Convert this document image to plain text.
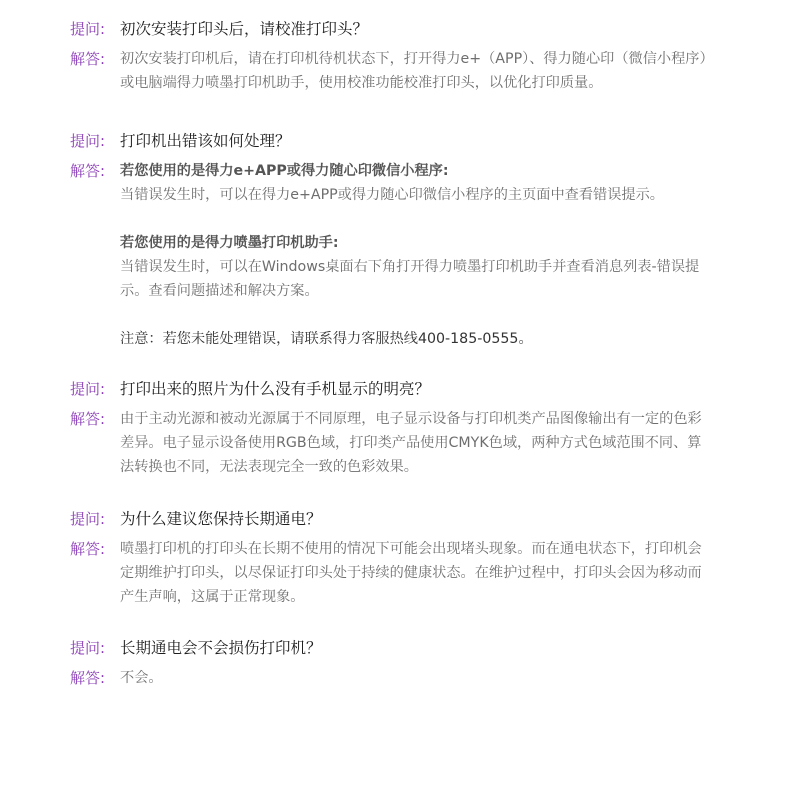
提问: 初次安装打印头后，请校准打印头？
解答:	初次安装打印机后，请在打印机待机状态下，打开得力e+（APP）、得力随心印（微信小程序）或电脑端得力喷墨打印机助手，使用校准功能校准打印头，以优化打印质量。
提问: 打印机出错该如何处理？
解答:	若您使用的是得力e+APP或得力随心印微信小程序:
当错误发生时，可以在得力e+APP或得力随心印微信小程序的主页面中查看错误提示。
若您使用的是得力喷墨打印机助手:
当错误发生时，可以在Windows桌面右下角打开得力喷墨打印机助手并查看消息列表-错误提示。查看问题描述和解决方案。
注意：若您未能处理错误，请联系得力客服热线400-185-0555。
提问: 打印出来的照片为什么没有手机显示的明亮？
解答:	由于主动光源和被动光源属于不同原理，电子显示设备与打印机类产品图像输出有一定的色彩差异。电子显示设备使用RGB色域，打印类产品使用CMYK色域，两种方式色域范围不同、算法转换也不同，无法表现完全一致的色彩效果。
提问: 为什么建议您保持长期通电？
解答:	喷墨打印机的打印头在长期不使用的情况下可能会出现堵头现象。而在通电状态下，打印机会定期维护打印头，以尽保证打印头处于持续的健康状态。在维护过程中，打印头会因为移动而产生声响，这属于正常现象。
提问: 长期通电会不会损伤打印机？
解答:	不会。
